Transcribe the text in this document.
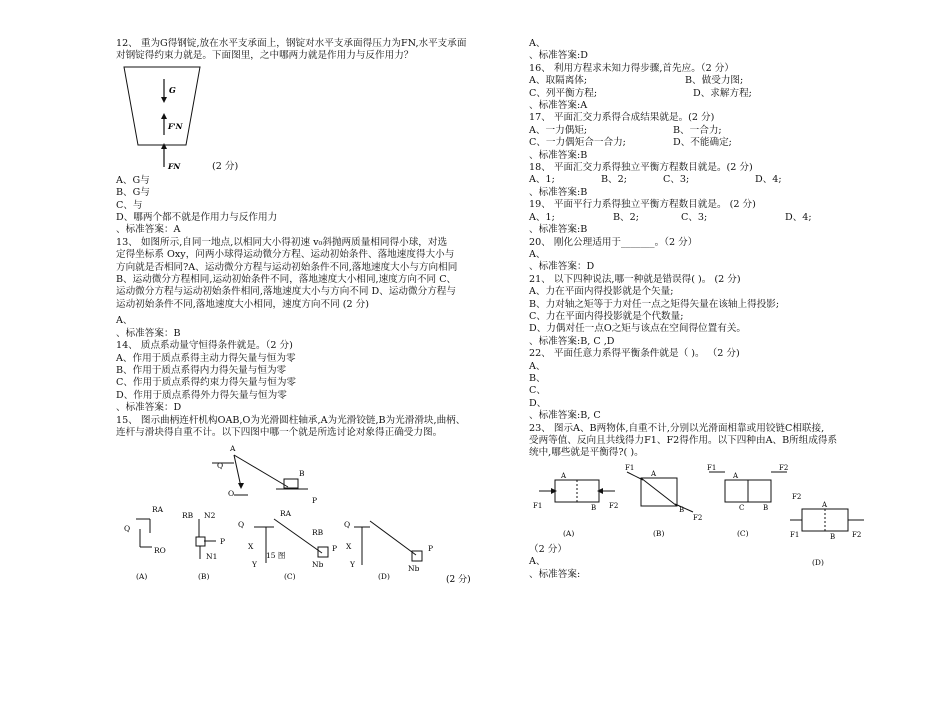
12、 重为G得钢锭,放在水平支承面上，钢锭对水平支承面得压力为FN,水平支承面
对钢锭得约束力就是。下面图里，之中哪两力就是作用力与反作用力？
G
F'N
FN	(2 分)
A、G与
B、G与
C、与
D、哪两个都不就是作用力与反作用力
、标准答案：A
13、 如图所示,自同一地点,以相同大小得初速 v₀斜抛两质量相同得小球，对选
定得坐标系 Oxy，问两小球得运动微分方程、运动初始条件、落地速度得大小与
方向就是否相同?A、运动微分方程与运动初始条件不同,落地速度大小与方向相同
B、运动微分方程相同,运动初始条件不同，落地速度大小相同,速度方向不同 C、
运动微分方程与运动初始条件相同,落地速度大小与方向不同 D、运动微分方程与
运动初始条件不同,落地速度大小相同，速度方向不同 (2 分)
A、
、标准答案：B
14、 质点系动量守恒得条件就是。（2 分)
A、作用于质点系得主动力得矢量与恒为零
B、作用于质点系得内力得矢量与恒为零
C、作用于质点系得约束力得矢量与恒为零
D、作用于质点系得外力得矢量与恒为零
、标准答案：D
15、 图示曲柄连杆机构OAB,O为光滑圆柱轴承,A为光滑铰链,B为光滑滑块,曲柄、
连杆与滑块得自重不计。以下四图中哪一个就是所选讨论对象得正确受力图。
A
Q
O
B
P
RA
Q
RO
(A)
RB N2
P
N1
(B)
Q
RA
X
Y
15 图
RB
P
Nb
(C)
Q
X
Y
P
Nb
(D)	(2 分)
A、
、标准答案:D
16、 利用方程求未知力得步骤,首先应。（2 分）
A、取隔离体;	B、做受力图;
C、列平衡方程;	D、求解方程;
、标准答案:A
17、 平面汇交力系得合成结果就是。(2 分)
A、一力偶矩;	B、一合力;
C、一力偶矩合一合力;	D、不能确定;
、标准答案:B
18、 平面汇交力系得独立平衡方程数目就是。(2 分)
A、1;	B、2;	C、3;	D、4;
、标准答案:B
19、 平面平行力系得独立平衡方程数目就是。 (2 分)
A、1;	B、2;	C、3;	D、4;
、标准答案:B
20、 刚化公理适用于_______。（2 分）
A、
、标准答案：D
21、 以下四种说法,哪一种就是错误得( )。 (2 分)
A、力在平面内得投影就是个矢量;
B、力对轴之矩等于力对任一点之矩得矢量在该轴上得投影;
C、力在平面内得投影就是个代数量;
D、力偶对任一点O之矩与该点在空间得位置有关。
、标准答案:B, C ,D
22、 平面任意力系得平衡条件就是（ )。 （2 分)
A、
B、
C、
D、
、标准答案:B, C
23、 图示A、B两物体,自重不计,分别以光滑面相靠或用铰链C相联接,
受两等值、反向且共线得力F1、F2得作用。以下四种由A、B所组成得系
统中,哪些就是平衡得?( )。
A
B
F1	F2
(A)
F1
A
B
F2
(B)
F1
A
C	B
F2
(C)
（2 分）
A、
、标准答案:
F2
A
B
F1	F2
(D)
